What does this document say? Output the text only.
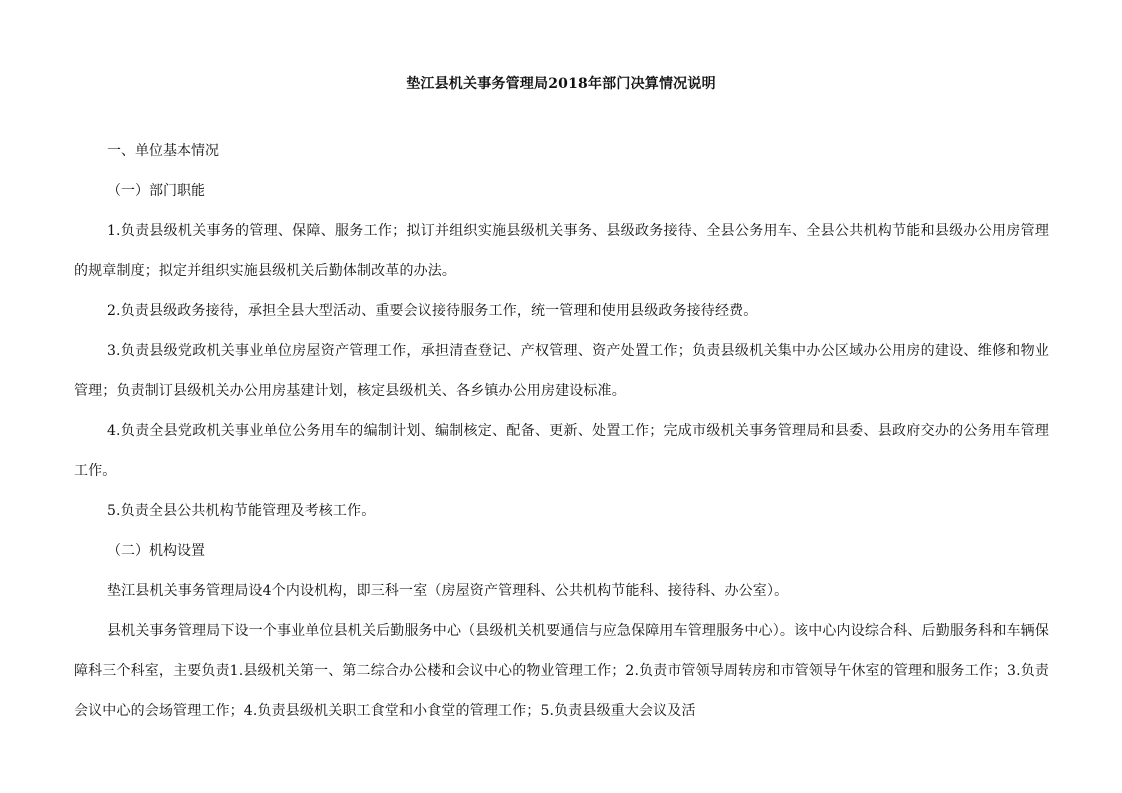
垫江县机关事务管理局2018年部门决算情况说明

一、单位基本情况

（一）部门职能

1.负责县级机关事务的管理、保障、服务工作；拟订并组织实施县级机关事务、县级政务接待、全县公务用车、全县公共机构节能和县级办公用房管理的规章制度；拟定并组织实施县级机关后勤体制改革的办法。

2.负责县级政务接待，承担全县大型活动、重要会议接待服务工作，统一管理和使用县级政务接待经费。

3.负责县级党政机关事业单位房屋资产管理工作，承担清查登记、产权管理、资产处置工作；负责县级机关集中办公区域办公用房的建设、维修和物业管理；负责制订县级机关办公用房基建计划，核定县级机关、各乡镇办公用房建设标准。

4.负责全县党政机关事业单位公务用车的编制计划、编制核定、配备、更新、处置工作；完成市级机关事务管理局和县委、县政府交办的公务用车管理工作。

5.负责全县公共机构节能管理及考核工作。

（二）机构设置

垫江县机关事务管理局设4个内设机构，即三科一室（房屋资产管理科、公共机构节能科、接待科、办公室）。

县机关事务管理局下设一个事业单位县机关后勤服务中心（县级机关机要通信与应急保障用车管理服务中心）。该中心内设综合科、后勤服务科和车辆保障科三个科室，主要负责1.县级机关第一、第二综合办公楼和会议中心的物业管理工作；2.负责市管领导周转房和市管领导午休室的管理和服务工作；3.负责会议中心的会场管理工作；4.负责县级机关职工食堂和小食堂的管理工作；5.负责县级重大会议及活
